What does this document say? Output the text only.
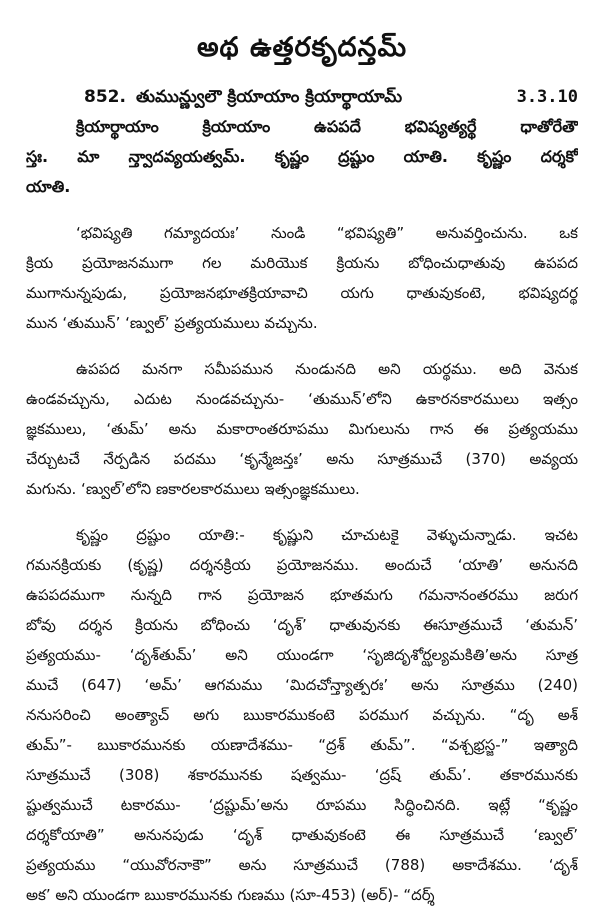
అథ ఉత్తరకృదన్తమ్
852. తుమున్ణ్వులౌ క్రియాయాం క్రియార్థాయామ్	3.3.10
క్రియార్థాయాం క్రియాయాం ఉపపదే భవిష్యత్యర్థే ధాతోరేతౌ
స్తః. మా న్త్వాదవ్యయత్వమ్. కృష్ణం ద్రష్టుం యాతి. కృష్ణం దర్శకో
యాతి.
‘భవిష్యతి గమ్యాదయః’ నుండి “భవిష్యతి” అనువర్తించును. ఒక
క్రియ ప్రయోజనముగా గల మరియొక క్రియను బోధించుధాతువు ఉపపద
ముగానున్నపుడు, ప్రయోజనభూతక్రియావాచి యగు ధాతువుకంటె, భవిష్యదర్థ
మున ‘తుమున్’ ‘ణ్వుల్’ ప్రత్యయములు వచ్చును.
ఉపపద మనగా సమీపమున నుండునది అని యర్థము. అది వెనుక
ఉండవచ్చును, ఎదుట నుండవచ్చును- ‘తుమున్’లోని ఉకారనకారములు ఇత్సం
జ్ఞకములు, ‘తుమ్’ అను మకారాంతరూపము మిగులును గాన ఈ ప్రత్యయము
చేర్చుటచే నేర్పడిన పదము ‘కృన్మేజన్తః’ అను సూత్రముచే (370) అవ్యయ
మగును. ‘ణ్వుల్’లోని ణకారలకారములు ఇత్సంజ్ఞకములు.
కృష్ణం ద్రష్టుం యాతి:- కృష్ణుని చూచుటకై వెళ్ళుచున్నాడు. ఇచట
గమనక్రియకు (కృష్ణ) దర్శనక్రియ ప్రయోజనము. అందుచే ‘యాతి’ అనునది
ఉపపదముగా నున్నది గాన ప్రయోజన భూతమగు గమనానంతరము జరుగ
బోవు దర్శన క్రియను బోధించు ‘దృశ్’ ధాతువునకు ఈసూత్రముచే ‘తుమన్’
ప్రత్యయము- ‘దృశ్‌తుమ్’ అని యుండగా ‘సృజిదృశోర్ఝల్యమకితి’అను సూత్ర
ముచే (647) ‘అమ్’ ఆగమము ‘మిదచోన్త్యాత్పరః’ అను సూత్రము (240)
ననుసరించి అంత్యాచ్ అగు ఋకారముకంటె పరముగ వచ్చును. “దృ అశ్
తుమ్”- ఋకారమునకు యణాదేశము- “ద్రశ్ తుమ్”. “వశ్చభ్రస్జ-” ఇత్యాది
సూత్రముచే (308) శకారమునకు షత్వము- ‘ద్రష్ తుమ్’. తకారమునకు
ష్టుత్వముచే టకారము- ‘ద్రష్టుమ్’అను రూపము సిద్ధించినది. ఇట్లే “కృష్ణం
దర్శకోయాతి” అనునపుడు ‘దృశ్ ధాతువుకంటె ఈ సూత్రముచే ‘ణ్వుల్’
ప్రత్యయము “యువోరనాకౌ” అను సూత్రముచే (788) అకాదేశము. ‘దృశ్
అక’ అని యుండగా ఋకారమునకు గుణము (సూ-453) (అర్)- “దర్శ్
